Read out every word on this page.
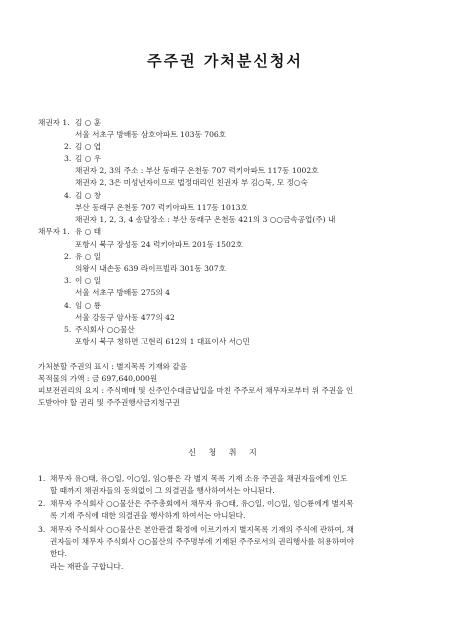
주주권 가처분신청서
채권자 1. 김 ○ 훈
서울 서초구 방배동 삼호아파트 103동 706호
2. 김 ○ 엽
3. 김 ○ 우
채권자 2, 3의 주소 : 부산 동래구 온천동 707 럭키아파트 117동 1002호
채권자 2, 3은 미성년자이므로 법정대리인 친권자 부 김○묵, 모 정○숙
4. 김 ○ 창
부산 동래구 온천동 707 럭키아파트 117동 1013호
채권자 1, 2, 3, 4 송달장소 : 부산 동래구 온천동 421의 3 ○○금속공업(주) 내
채무자 1. 유 ○ 태
포항시 북구 장성동 24 럭키아파트 201동 1502호
2. 유 ○ 일
의왕시 내손동 639 라이프빌라 301동 307호
3. 이 ○ 일
서울 서초구 방배동 275의 4
4. 임 ○ 룡
서울 강동구 암사동 477의 42
5. 주식회사 ○○물산
포항시 북구 청하면 고현리 612의 1 대표이사 서○민
가처분할 주권의 표시 : 별지목록 기재와 같음
목적물의 가액 : 금 697,640,000원
피보전권리의 요지 : 주식매매 및 신주인수대금납입을 마친 주주로서 채무자로부터 위 주권을 인
도받아야 할 권리 및 주주권행사금지청구권
신 청 취 지
1. 채무자 유○태, 유○일, 이○일, 임○룡은 각 별지 목록 기재 소유 주권을 채권자들에게 인도
할 때까지 채권자들의 동의없이 그 의결권을 행사하여서는 아니된다.
2. 채무자 주식회사 ○○물산은 주주총회에서 채무자 유○태, 유○일, 이○일, 임○룡에게 별지목
록 기재 주식에 대한 의결권을 행사하게 하여서는 아니된다.
3. 채무자 주식회사 ○○물산은 본안판결 확정에 이르기까지 별지목록 기재의 주식에 관하여, 채
권자들이 채무자 주식회사 ○○물산의 주주명부에 기재된 주주로서의 권리행사를 허용하여야
한다.
라는 재판을 구합니다.
